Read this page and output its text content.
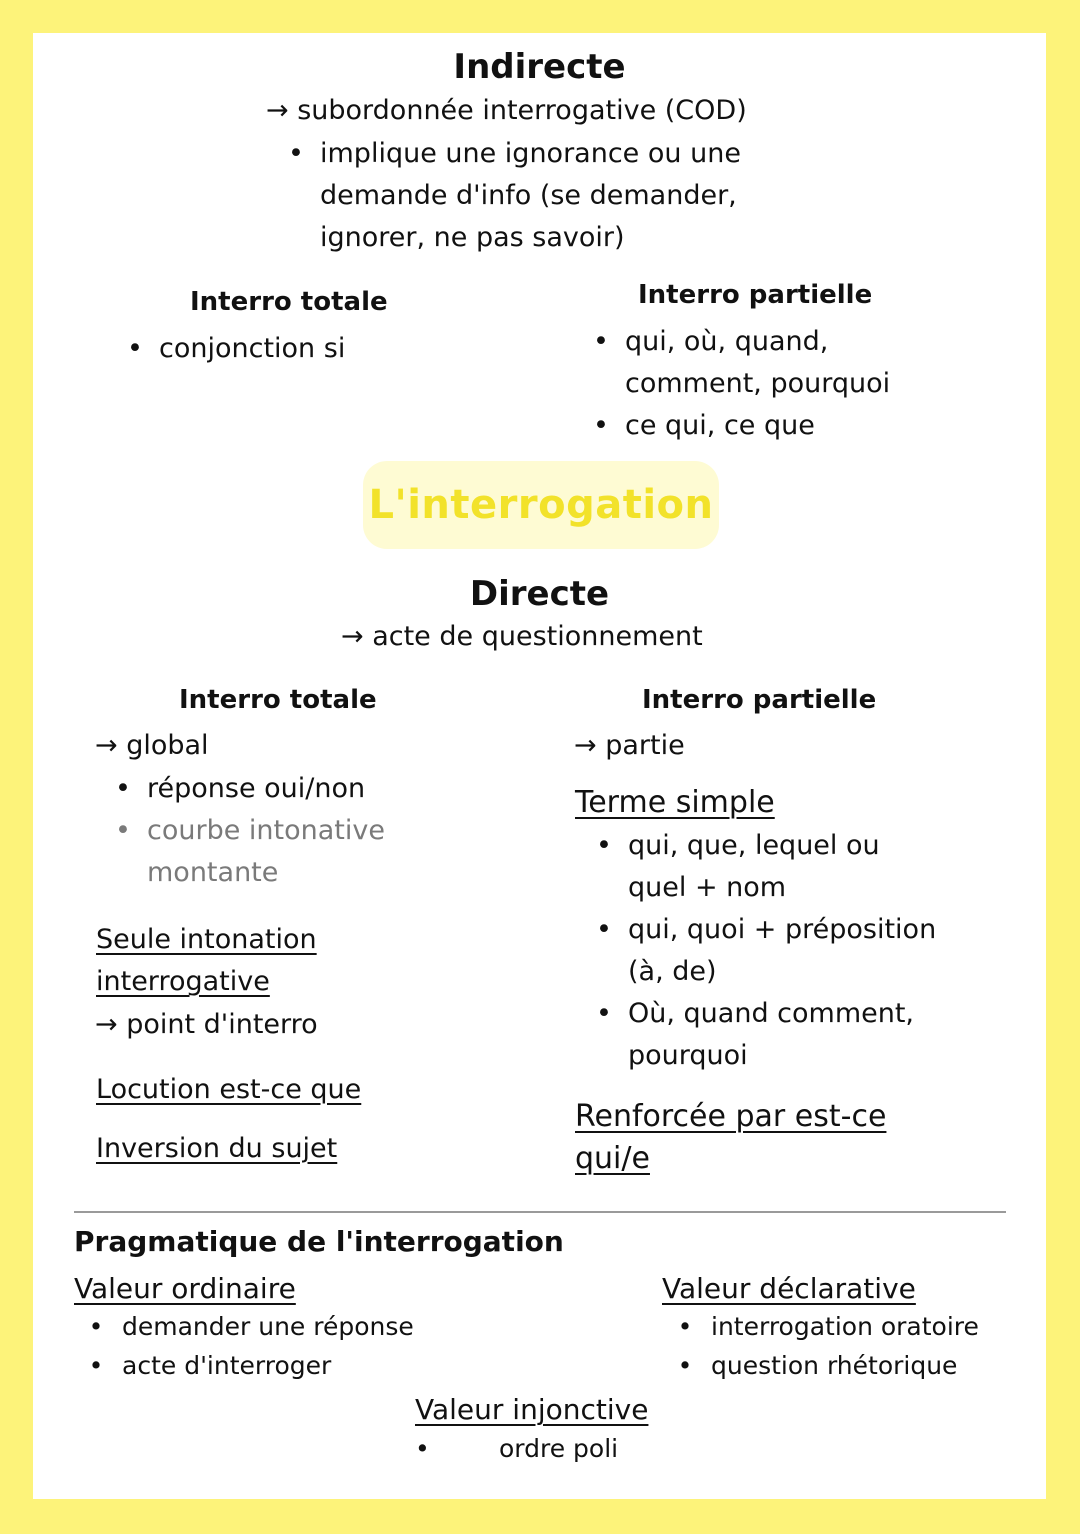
Indirecte
→ subordonnée interrogative (COD)
• implique une ignorance ou une
demande d'info (se demander,
ignorer, ne pas savoir)
Interro totale
• conjonction si
Interro partielle
• qui, où, quand,
comment, pourquoi
• ce qui, ce que
L'interrogation
Directe
→ acte de questionnement
Interro totale
→ global
• réponse oui/non
• courbe intonative
montante
Seule intonation
interrogative
→ point d'interro
Locution est-ce que
Inversion du sujet
Interro partielle
→ partie
Terme simple
• qui, que, lequel ou
quel + nom
• qui, quoi + préposition
(à, de)
• Où, quand comment,
pourquoi
Renforcée par est-ce
qui/e
Pragmatique de l'interrogation
Valeur ordinaire
• demander une réponse
• acte d'interroger
Valeur déclarative
• interrogation oratoire
• question rhétorique
Valeur injonctive
•	ordre poli
